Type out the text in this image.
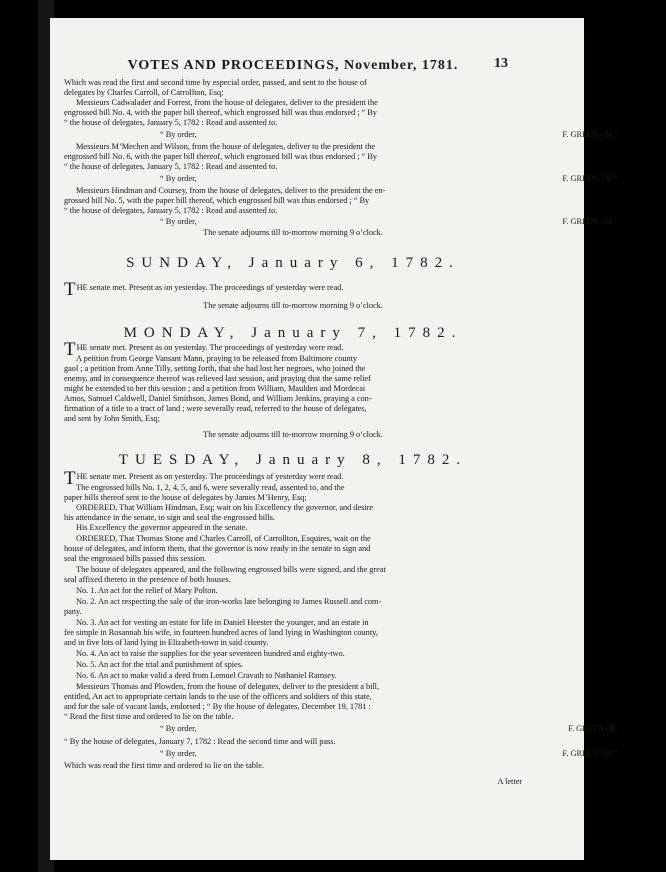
VOTES AND PROCEEDINGS, November, 1781.	13
Which was read the first and second time by especial order, passed, and sent to the house of
delegates by Charles Carroll, of Carrollton, Esq;
Messieurs Cadwalader and Forrest, from the house of delegates, deliver to the president the
engrossed bill No. 4, with the paper bill thereof, which engrossed bill was thus endorsed ; “ By
“ the house of delegates, January 5, 1782 : Read and assented to.
“ By order,	F. GREEN, clk.”
Messieurs M’Mechen and Wilson, from the house of delegates, deliver to the president the
engrossed bill No. 6, with the paper bill thereof, which engrossed bill was thus endorsed ; “ By
“ the house of delegates, January 5, 1782 : Read and assented to.
“ By order,	F. GREEN, clk.”
Messieurs Hindman and Coursey, from the house of delegates, deliver to the president the en-
grossed bill No. 5, with the paper bill thereof, which engrossed bill was thus endorsed ; “ By
“ the house of delegates, January 5, 1782 : Read and assented to.
“ By order,	F. GREEN, clk.”
The senate adjourns till to-morrow morning 9 o’clock.
SUNDAY, January 6, 1782.
THE senate met. Present as on yesterday. The proceedings of yesterday were read.
The senate adjourns till to-morrow morning 9 o’clock.
MONDAY, January 7, 1782.
THE senate met. Present as on yesterday. The proceedings of yesterday were read.
A petition from George Vansant Mann, praying to be released from Baltimore county
gaol ; a petition from Anne Tilly, setting forth, that she had lost her negroes, who joined the
enemy, and in consequence thereof was relieved last session, and praying that the same relief
might be extended to her this session ; and a petition from William, Maulden and Mordecai
Amos, Samuel Caldwell, Daniel Smithson, James Bond, and William Jenkins, praying a con-
firmation of a title to a tract of land ; were severally read, referred to the house of delegates,
and sent by John Smith, Esq;
The senate adjourns till to-morrow morning 9 o’clock.
TUESDAY, January 8, 1782.
THE senate met. Present as on yesterday. The proceedings of yesterday were read.
The engrossed bills No. 1, 2, 4, 5, and 6, were severally read, assented to, and the
paper bills thereof sent to the house of delegates by James M’Henry, Esq;
ORDERED, That William Hindman, Esq; wait on his Excellency the governor, and desire
his attendance in the senate, to sign and seal the engrossed bills.
His Excellency the governor appeared in the senate.
ORDERED, That Thomas Stone and Charles Carroll, of Carrollton, Esquires, wait on the
house of delegates, and inform them, that the governor is now ready in the senate to sign and
seal the engrossed bills passed this session.
The house of delegates appeared, and the following engrossed bills were signed, and the great
seal affixed thereto in the presence of both houses.
No. 1. An act for the relief of Mary Polton.
No. 2. An act respecting the sale of the iron-works late belonging to James Russell and com-
pany.
No. 3. An act for vesting an estate for life in Daniel Heester the younger, and an estate in
fee simple in Rosannah his wife, in fourteen hundred acres of land lying in Washington county,
and in five lots of land lying in Elizabeth-town in said county.
No. 4. An act to raise the supplies for the year seventeen hundred and eighty-two.
No. 5. An act for the trial and punishment of spies.
No. 6. An act to make valid a deed from Lemuel Cravath to Nathaniel Ramsey.
Messieurs Thomas and Plowden, from the house of delegates, deliver to the president a bill,
entitled, An act to appropriate certain lands to the use of the officers and soldiers of this state,
and for the sale of vacant lands, endorsed ; “ By the house of delegates, December 19, 1781 :
“ Read the first time and ordered to lie on the table.
“ By order,	F. GREEN clk.
“ By the house of delegates, January 7, 1782 : Read the second time and will pass.
“ By order,	F. GREEN, clk.”
Which was read the first time and ordered to lie on the table.
A letter
